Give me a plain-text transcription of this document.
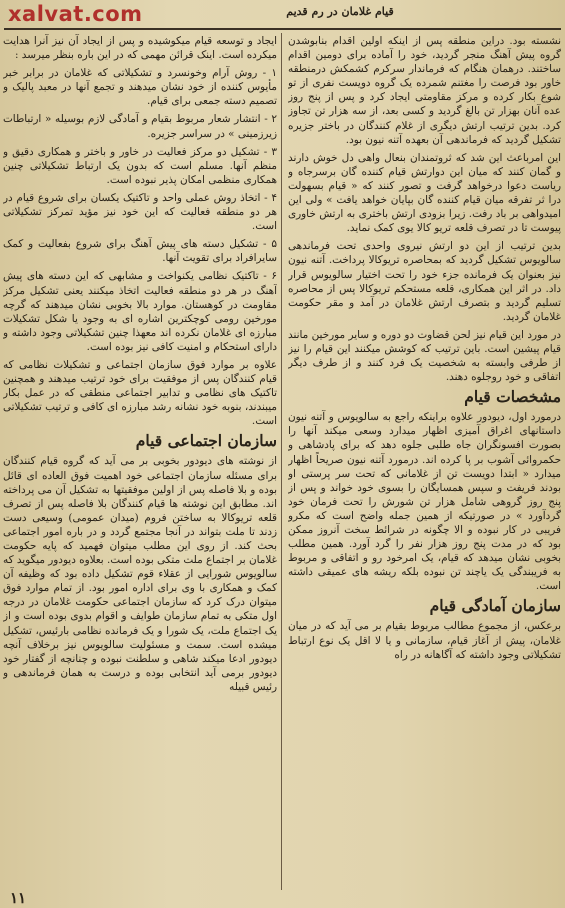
xalvat.com	قیام غلامان در رم قدیم

نشسته بود. دراین منطقه پس از اینکه اولین اقدام بنابوشدن گروه پیش آهنگ منجر گردید، خود را آماده برای دومین اقدام ساختند. درهمان هنگام که فرماندار سرکرم کشمکش درمنطقه خاور بود فرصت را مغتنم شمرده یک گروه دویست نفری از تو شوع بکار کرده و مرکز مقاومتی ایجاد کرد و پس از پنج روز عده آنان بهزار تن بالغ گردید و کسی بعد، از سه هزار تن تجاوز کرد. بدین ترتیب ارتش دیگری از غلام کنندگان در باختر جزیره تشکیل گردید که فرماندهی آن بعهده آتنه نیون بود.

این امرباعث این شد که ثروتمندان بنعال واهی دل خوش دارند و گمان کنند که میان این دوارتش قیام کننده گان برسرجاه و ریاست دعوا درخواهد گرفت و تصور کنند که « قیام بسهولت درا ثر تفرقه میان قیام کننده گان بپایان خواهد یافت » ولی این امیدواهی بر باد رفت. زیرا بزودی ارتش باختری به ارتش خاوری پیوست تا در تصرف قلعه تریو کالا یوی کمک نماید.

بدین ترتیب از این دو ارتش نیروی واحدی تحت فرماندهی سالویوس تشکیل گردید که بمحاصره تریوکالا پرداخت. آتنه نیون نیز بعنوان یک فرمانده جزء خود را تحت اختیار سالویوس قرار داد. در اثر این همکاری، قلعه مستحکم تریوکالا پس از محاصره تسلیم گردید و بتصرف ارتش غلامان در آمد و مقر حکومت غلامان گردید.

در مورد این قیام نیز لحن قضاوت دو دوره و سایر مورخین مانند قیام پیشین است. باین ترتیب که کوشش میکنند این قیام را نیز از طرفی وابسته به شخصیت یک فرد کنند و از طرف دیگر اتفاقی و خود روجلوه دهند.

مشخصات قیام

درمورد اول، دیودور علاوه براینکه راجع به سالویوس و آتنه نیون داستانهای اغراق آمیزی اظهار میدارد وسعی میکند آنها را بصورت افسونگران جاه طلبی جلوه دهد که برای پادشاهی و حکمروائی آشوب بر پا کرده اند. درمورد آتنه نیون صریحاً اظهار میدارد « ابتدا دویست تن از غلامانی که تحت سر پرستی او بودند فریفت و سپس همسایگان را بسوی خود خواند و پس از پنج روز گروهی شامل هزار تن شورش را تحت فرمان خود گردآورد » در صورتیکه از همین جمله واضح است که مکرو فریبی در کار نبوده و الا چگونه در شرائط سخت آنروز ممکن بود که در مدت پنج روز هزار نفر را گرد آورد. همین مطلب بخوبی نشان میدهد که قیام، یک امرخود رو و اتفاقی و مربوط به فریبندگی یک یاچند تن نبوده بلکه ریشه های عمیقی داشته است.

سازمان آمادگی قیام

برعکس، از مجموع مطالب مربوط بقیام بر می آید که در میان غلامان، پیش از آغاز قیام، سازمانی و یا لا اقل یک نوع ارتباط تشکیلاتی وجود داشته که آگاهانه در راه

ایجاد و توسعه قیام میکوشیده و پس از ایجاد آن نیز آنرا هدایت میکرده است. اینک قرائن مهمی که در این باره بنظر میرسد :

۱ - روش آرام وخونسرد و تشکیلاتی که غلامان در برابر خبر مأیوس کننده از خود نشان میدهند و تجمع آنها در معبد پالیک و تصمیم دسته جمعی برای قیام.

۲ - انتشار شعار مربوط بقیام و آمادگی لازم بوسیله « ارتباطات زیرزمینی » در سراسر جزیره.

۳ - تشکیل دو مرکز فعالیت در خاور و باختر و همکاری دقیق و منظم آنها. مسلم است که بدون یک ارتباط تشکیلاتی چنین همکاری منظمی امکان پذیر نبوده است.

۴ - اتخاذ روش عملی واحد و تاکتیک یکسان برای شروع قیام در هر دو منطقه فعالیت که این خود نیز مؤید تمرکز تشکیلاتی است.

۵ - تشکیل دسته های پیش آهنگ برای شروع بفعالیت و کمک سایرافراد برای تقویت آنها.

۶ - تاکتیک نظامی یکنواخت و مشابهی که این دسته های پیش آهنگ در هر دو منطقه فعالیت اتخاذ میکنند یعنی تشکیل مرکز مقاومت در کوهستان. موارد بالا بخوبی نشان میدهند که گرچه مورخین رومی کوچکترین اشاره ای به وجود یا شکل تشکیلات مبارزه ای غلامان نکرده اند معهذا چنین تشکیلاتی وجود داشته و دارای استحکام و امنیت کافی نیز بوده است.

علاوه بر موارد فوق سازمان اجتماعی و تشکیلات نظامی که قیام کنندگان پس از موفقیت برای خود ترتیب میدهند و همچنین تاکتیک های نظامی و تدابیر اجتماعی منطقی که در عمل بکار میبندند، بنوبه خود نشانه رشد مبارزه ای کافی و ترتیب تشکیلاتی است.

سازمان اجتماعی قیام

از نوشته های دیودور بخوبی بر می آید که گروه قیام کنندگان برای مسئله سازمان اجتماعی خود اهمیت فوق العاده ای قائل بوده و بلا فاصله پس از اولین موفقیتها به تشکیل آن می پرداخته اند. مطابق این نوشته ها قیام کنندگان بلا فاصله پس از تصرف قلعه تریوکالا به ساختن فروم (میدان عمومی) وسیعی دست زدند تا ملت بتواند در آنجا مجتمع گردد و در باره امور اجتماعی بحث کند. از روی این مطلب میتوان فهمید که پایه حکومت غلامان بر اجتماع ملت متکی بوده است. بعلاوه دیودور میگوید که سالویوس شورایی از عقلاء قوم تشکیل داده بود که وظیفه آن کمک و همکاری با وی برای اداره امور بود. از تمام موارد فوق میتوان درک کرد که سازمان اجتماعی حکومت غلامان در درجه اول متکی به تمام سازمان طوایف و اقوام بدوی بوده است و از یک اجتماع ملت، یک شورا و یک فرمانده نظامی بارئیس، تشکیل میشده است. سمت و مسئولیت سالویوس نیز برخلاف آنچه دیودور ادعا میکند شاهی و سلطنت نبوده و چنانچه از گفتار خود دیودور برمی آید انتخابی بوده و درست به همان فرماندهی و رئیس قبیله

۱۱
